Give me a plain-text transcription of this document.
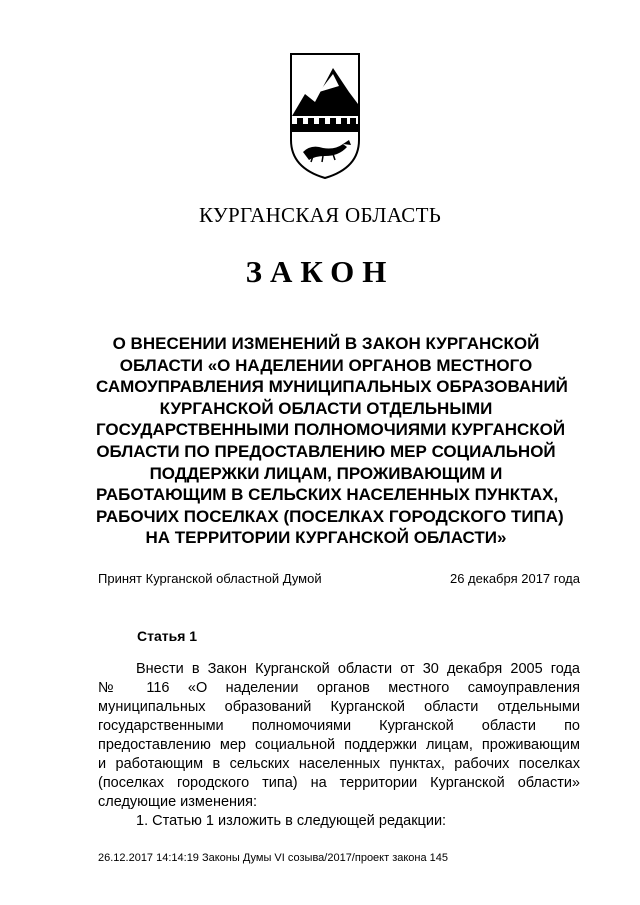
КУРГАНСКАЯ ОБЛАСТЬ
ЗАКОН
О ВНЕСЕНИИ ИЗМЕНЕНИЙ В ЗАКОН КУРГАНСКОЙ
ОБЛАСТИ «О НАДЕЛЕНИИ ОРГАНОВ МЕСТНОГО
САМОУПРАВЛЕНИЯ МУНИЦИПАЛЬНЫХ ОБРАЗОВАНИЙ
КУРГАНСКОЙ ОБЛАСТИ ОТДЕЛЬНЫМИ
ГОСУДАРСТВЕННЫМИ ПОЛНОМОЧИЯМИ КУРГАНСКОЙ
ОБЛАСТИ ПО ПРЕДОСТАВЛЕНИЮ МЕР СОЦИАЛЬНОЙ
ПОДДЕРЖКИ ЛИЦАМ, ПРОЖИВАЮЩИМ И
РАБОТАЮЩИМ В СЕЛЬСКИХ НАСЕЛЕННЫХ ПУНКТАХ,
РАБОЧИХ ПОСЕЛКАХ (ПОСЕЛКАХ ГОРОДСКОГО ТИПА)
НА ТЕРРИТОРИИ КУРГАНСКОЙ ОБЛАСТИ»
Принят Курганской областной Думой	26 декабря 2017 года
Статья 1
Внести в Закон Курганской области от 30 декабря 2005 года
№ 116 «О наделении органов местного самоуправления
муниципальных образований Курганской области отдельными
государственными полномочиями Курганской области по
предоставлению мер социальной поддержки лицам, проживающим
и работающим в сельских населенных пунктах, рабочих поселках
(поселках городского типа) на территории Курганской области»
следующие изменения:
1. Статью 1 изложить в следующей редакции:
26.12.2017 14:14:19 Законы Думы VI созыва/2017/проект закона 145
